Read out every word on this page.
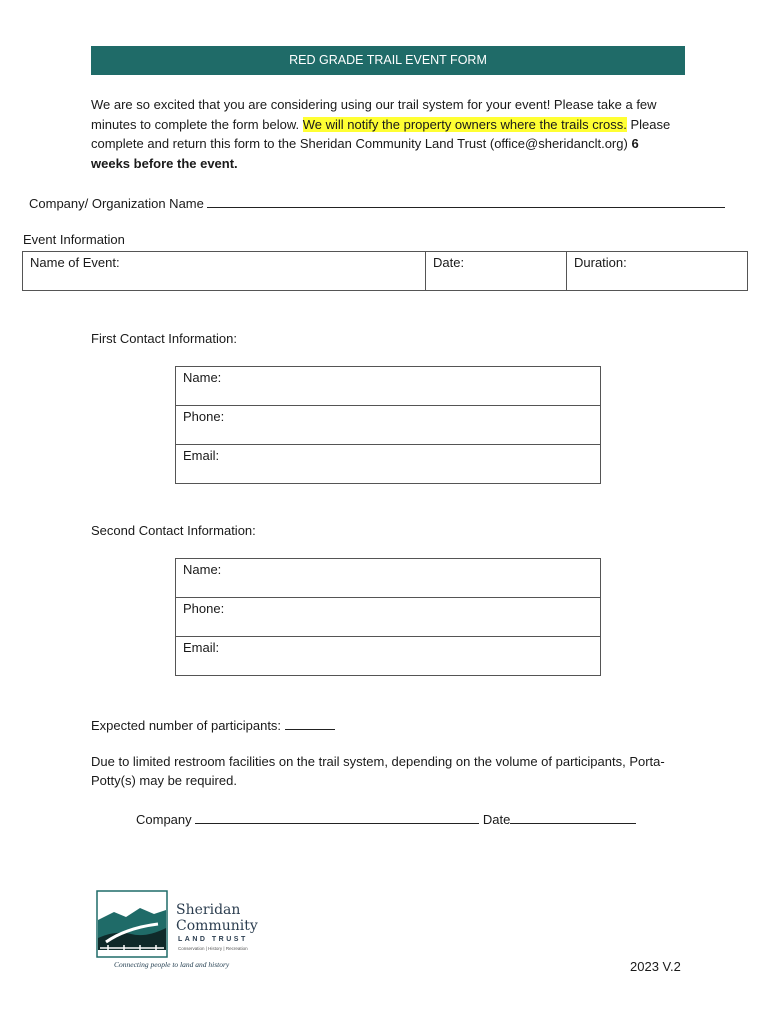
RED GRADE TRAIL EVENT FORM
We are so excited that you are considering using our trail system for your event! Please take a few minutes to complete the form below. We will notify the property owners where the trails cross. Please complete and return this form to the Sheridan Community Land Trust (office@sheridanclt.org) 6 weeks before the event.
Company/ Organization Name
Event Information
Name of Event:	Date:	Duration:
First Contact Information:
Name:
Phone:
Email:
Second Contact Information:
Name:
Phone:
Email:
Expected number of participants:
Due to limited restroom facilities on the trail system, depending on the volume of participants, Porta-Potty(s) may be required.
Company	Date
Sheridan
Community
LAND TRUST
Conservation | History | Recreation
Connecting people to land and history	2023 V.2
